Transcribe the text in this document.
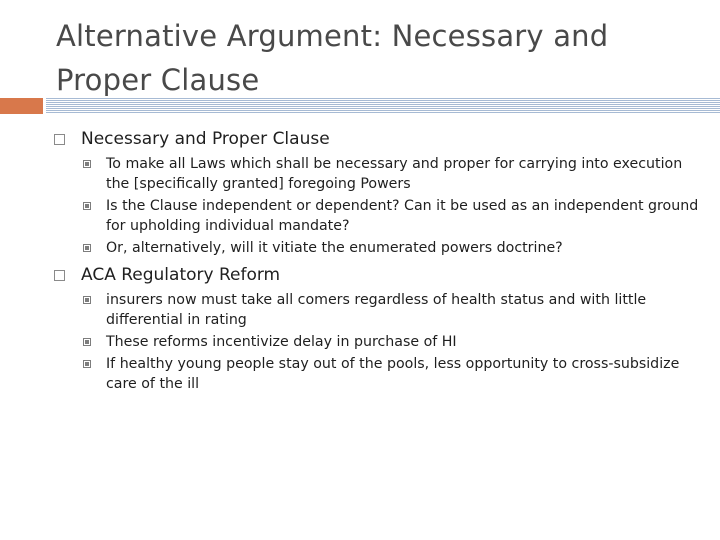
Alternative Argument: Necessary and Proper Clause
Necessary and Proper Clause
To make all Laws which shall be necessary and proper for carrying into execution the [specifically granted] foregoing Powers
Is the Clause independent or dependent? Can it be used as an independent ground for upholding individual mandate?
Or, alternatively, will it vitiate the enumerated powers doctrine?
ACA Regulatory Reform
insurers now must take all comers regardless of health status and with little differential in rating
These reforms incentivize delay in purchase of HI
If healthy young people stay out of the pools, less opportunity to cross-subsidize care of the ill
